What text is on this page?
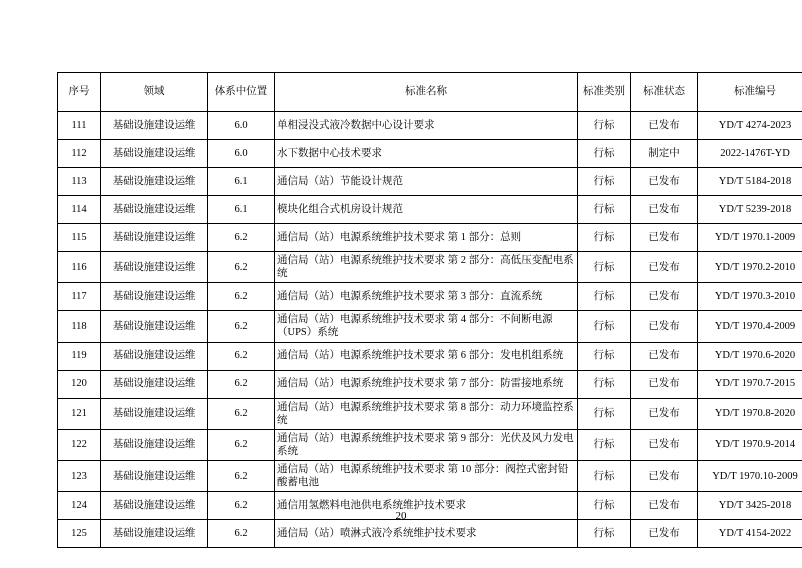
序号	领域	体系中位置	标准名称	标准类别	标准状态	标准编号
111	基础设施建设运维	6.0	单相浸没式液冷数据中心设计要求	行标	已发布	YD/T 4274-2023
112	基础设施建设运维	6.0	水下数据中心技术要求	行标	制定中	2022-1476T-YD
113	基础设施建设运维	6.1	通信局（站）节能设计规范	行标	已发布	YD/T 5184-2018
114	基础设施建设运维	6.1	模块化组合式机房设计规范	行标	已发布	YD/T 5239-2018
115	基础设施建设运维	6.2	通信局（站）电源系统维护技术要求 第 1 部分：总则	行标	已发布	YD/T 1970.1-2009
116	基础设施建设运维	6.2	通信局（站）电源系统维护技术要求 第 2 部分：高低压变配电系统	行标	已发布	YD/T 1970.2-2010
117	基础设施建设运维	6.2	通信局（站）电源系统维护技术要求 第 3 部分：直流系统	行标	已发布	YD/T 1970.3-2010
118	基础设施建设运维	6.2	通信局（站）电源系统维护技术要求 第 4 部分：不间断电源（UPS）系统	行标	已发布	YD/T 1970.4-2009
119	基础设施建设运维	6.2	通信局（站）电源系统维护技术要求 第 6 部分：发电机组系统	行标	已发布	YD/T 1970.6-2020
120	基础设施建设运维	6.2	通信局（站）电源系统维护技术要求 第 7 部分：防雷接地系统	行标	已发布	YD/T 1970.7-2015
121	基础设施建设运维	6.2	通信局（站）电源系统维护技术要求 第 8 部分：动力环境监控系统	行标	已发布	YD/T 1970.8-2020
122	基础设施建设运维	6.2	通信局（站）电源系统维护技术要求 第 9 部分：光伏及风力发电系统	行标	已发布	YD/T 1970.9-2014
123	基础设施建设运维	6.2	通信局（站）电源系统维护技术要求 第 10 部分：阀控式密封铅酸蓄电池	行标	已发布	YD/T 1970.10-2009
124	基础设施建设运维	6.2	通信用氢燃料电池供电系统维护技术要求	行标	已发布	YD/T 3425-2018
125	基础设施建设运维	6.2	通信局（站）喷淋式液冷系统维护技术要求	行标	已发布	YD/T 4154-2022
20
